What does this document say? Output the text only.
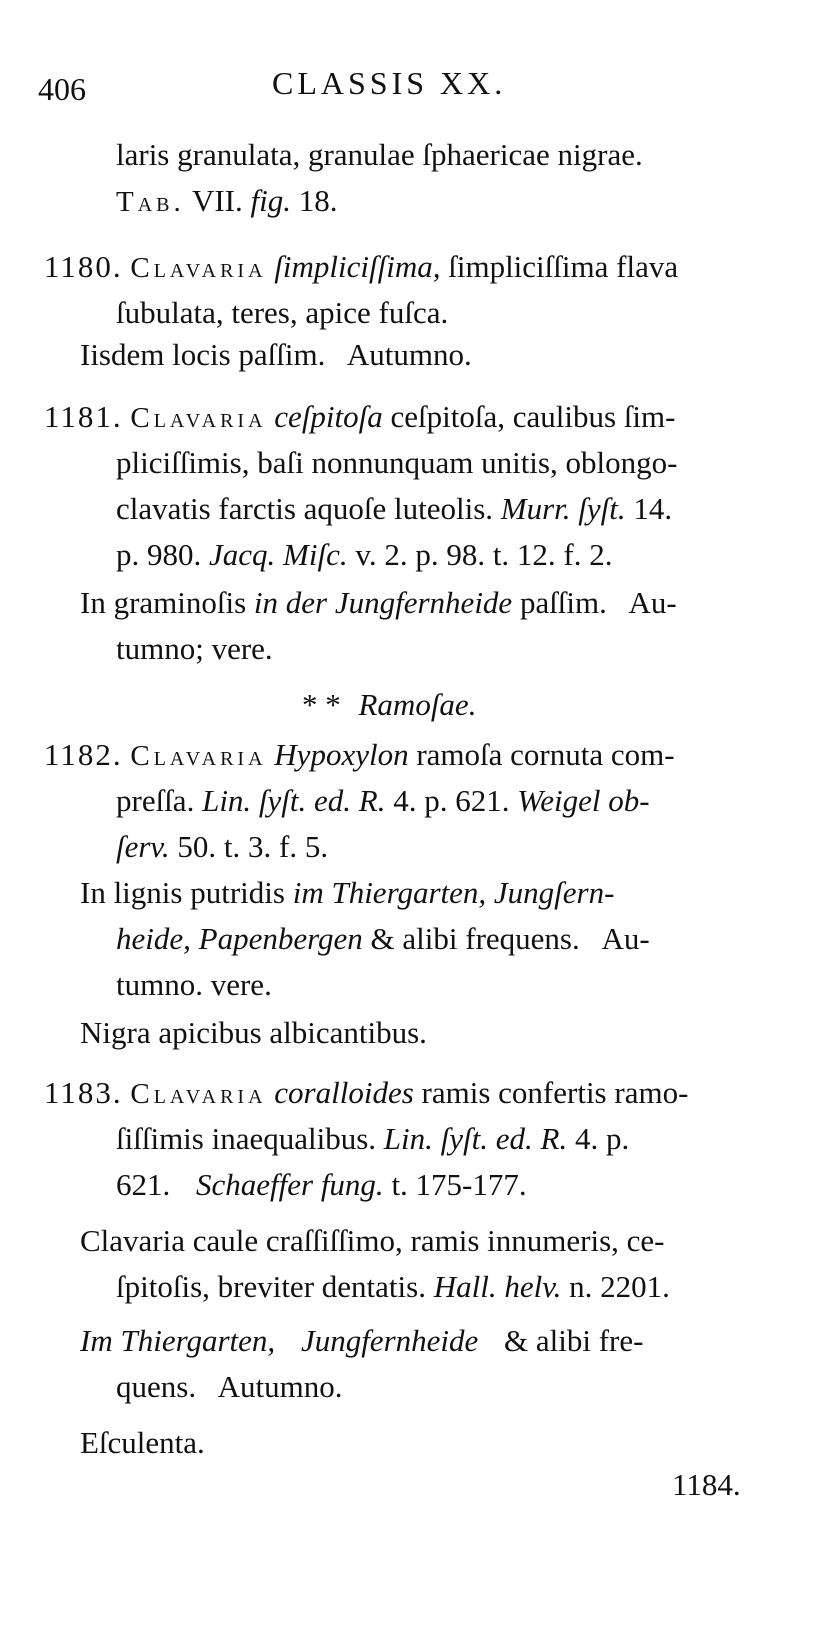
406	CLASSIS XX.
laris granulata, granulae ſphaericae nigrae.
Tab. VII. fig. 18.
1180. Clavaria ſimpliciſſima, ſimpliciſſima flava
ſubulata, teres, apice fuſca.
Iisdem locis paſſim.   Autumno.
1181. Clavaria ceſpitoſa ceſpitoſa, caulibus ſim-
pliciſſimis, baſi nonnunquam unitis, oblongo-
clavatis farctis aquoſe luteolis. Murr. ſyſt. 14.
p. 980. Jacq. Miſc. v. 2. p. 98. t. 12. f. 2.
In graminoſis in der Jungfernheide paſſim.   Au-
tumno; vere.
* * Ramoſae.
1182. Clavaria Hypoxylon ramoſa cornuta com-
preſſa. Lin. ſyſt. ed. R. 4. p. 621. Weigel ob-
ſerv. 50. t. 3. f. 5.
In lignis putridis im Thiergarten, Jungſern-
heide, Papenbergen & alibi frequens. Au-
tumno. vere.
Nigra apicibus albicantibus.
1183. Clavaria coralloides ramis confertis ramo-
ſiſſimis inaequalibus. Lin. ſyſt. ed. R. 4. p.
621. Schaeffer fung. t. 175-177.
Clavaria caule craſſiſſimo, ramis innumeris, ce-
ſpitoſis, breviter dentatis. Hall. helv. n. 2201.
Im Thiergarten, Jungfernheide & alibi fre-
quens.   Autumno.
Eſculenta.
1184.
